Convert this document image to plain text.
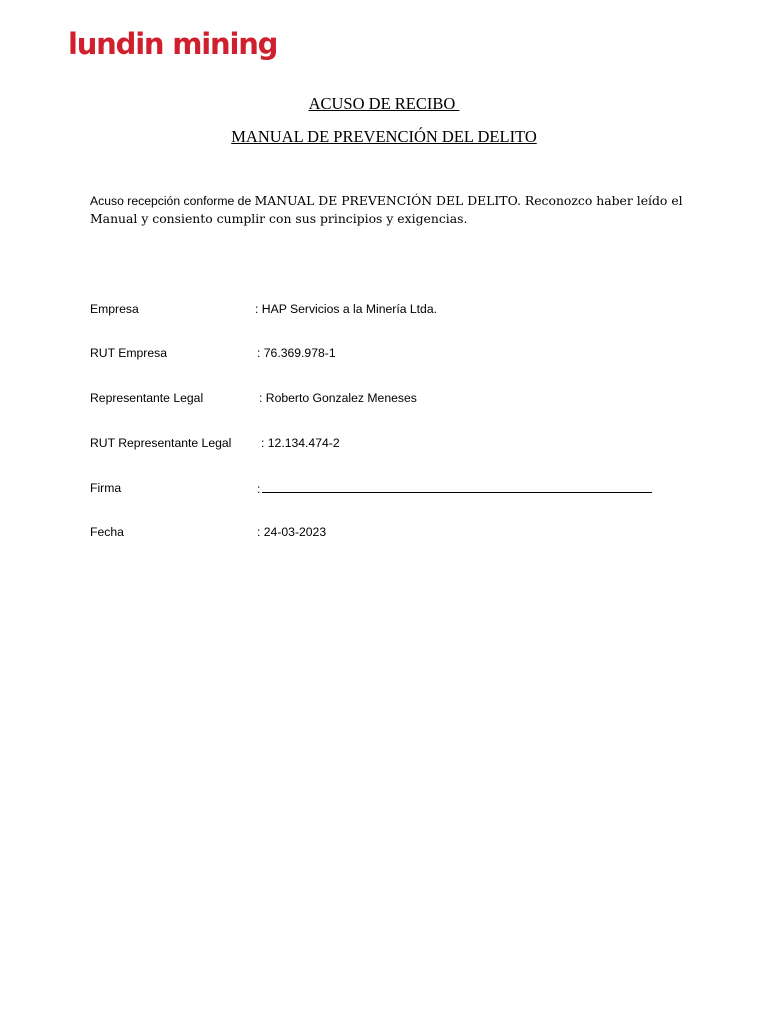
lundin mining
ACUSO DE RECIBO
MANUAL DE PREVENCIÓN DEL DELITO

Acuso recepción conforme de MANUAL DE PREVENCIÓN DEL DELITO. Reconozco haber leído el Manual y consiento cumplir con sus principios y exigencias.

Empresa	: HAP Servicios a la Minería Ltda.
RUT Empresa	: 76.369.978-1
Representante Legal	: Roberto Gonzalez Meneses
RUT Representante Legal : 12.134.474-2
Firma	:
Fecha	: 24-03-2023
